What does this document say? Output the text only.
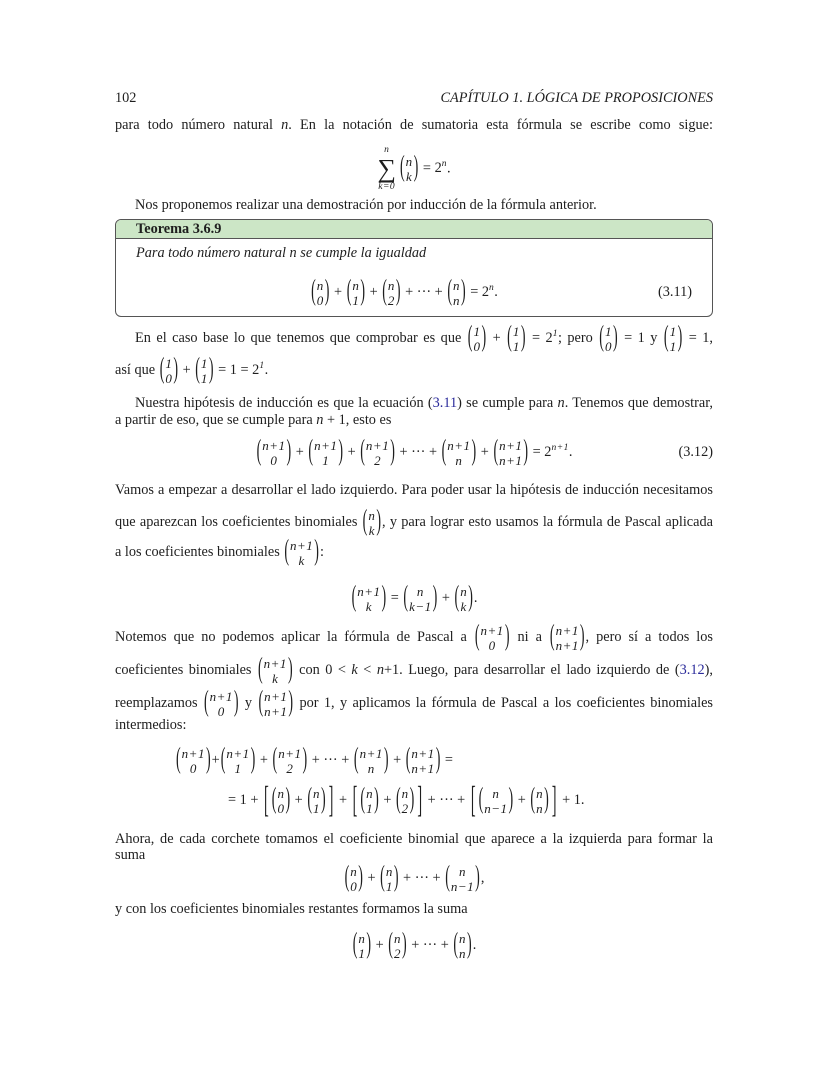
102	CAPÍTULO 1. LÓGICA DE PROPOSICIONES
Teorema 3.6.9
Para todo número natural n se cumple la igualdad
( n
0 ) + ( n
1 ) + ( n
2 ) + ··· + ( n
n ) = $2^n$.	(3.11)
para todo número natural n. En la notación de sumatoria esta fórmula se escribe como sigue:
n
∑
k=0
( n
k ) = $2^n$.
Nos proponemos realizar una demostración por inducción de la fórmula anterior.
En el caso base lo que tenemos que comprobar es que ( 1
0 ) + ( 1
1 ) = $2^1$; pero ( 1
0 ) = 1 y ( 1
1 ) = 1,
así que ( 1
0 ) + ( 1
1 ) = $1 = 2^1$.
Nuestra hipótesis de inducción es que la ecuación (3.11) se cumple para n. Tenemos que demostrar,
a partir de eso, que se cumple para n + 1, esto es
( n+1
0 ) + ( n+1
1 ) + ( n+1
2 ) + ··· + ( n+1
n ) + ( n+1
n+1 ) = $2^{n+1}$.	(3.12)
Vamos a empezar a desarrollar el lado izquierdo. Para poder usar la hipótesis de inducción necesitamos
que aparezcan los coeficientes binomiales ( n
k ) , y para lograr esto usamos la fórmula de Pascal aplicada
a los coeficientes binomiales ( n+1
k ) :
( n+1
k ) = ( n
k−1 ) + ( n
k ) .
Notemos que no podemos aplicar la fórmula de Pascal a ( n+1
0 ) ni a ( n+1
n+1 ) , pero sí a todos los
coeficientes binomiales ( n+1
k ) con 0 < k < n+1. Luego, para desarrollar el lado izquierdo de (3.12),
reemplazamos ( n+1
0 ) y ( n+1
n+1 ) por 1, y aplicamos la fórmula de Pascal a los coeficientes binomiales
intermedios:
( n+1
0 ) + ( n+1
1 ) + ( n+1
2 ) + ··· + ( n+1
n ) + ( n+1
n+1 ) =
= 1 + [ ( n
0 ) + ( n
1 ) ] + [ ( n
1 ) + ( n
2 ) ] + ··· + [ ( n
n−1 ) + ( n
n ) ] + 1.
Ahora, de cada corchete tomamos el coeficiente binomial que aparece a la izquierda para formar la
suma
( n
0 ) + ( n
1 ) + ··· + ( n
n−1 ) ,
y con los coeficientes binomiales restantes formamos la suma
( n
1 ) + ( n
2 ) + ··· + ( n
n ) .
